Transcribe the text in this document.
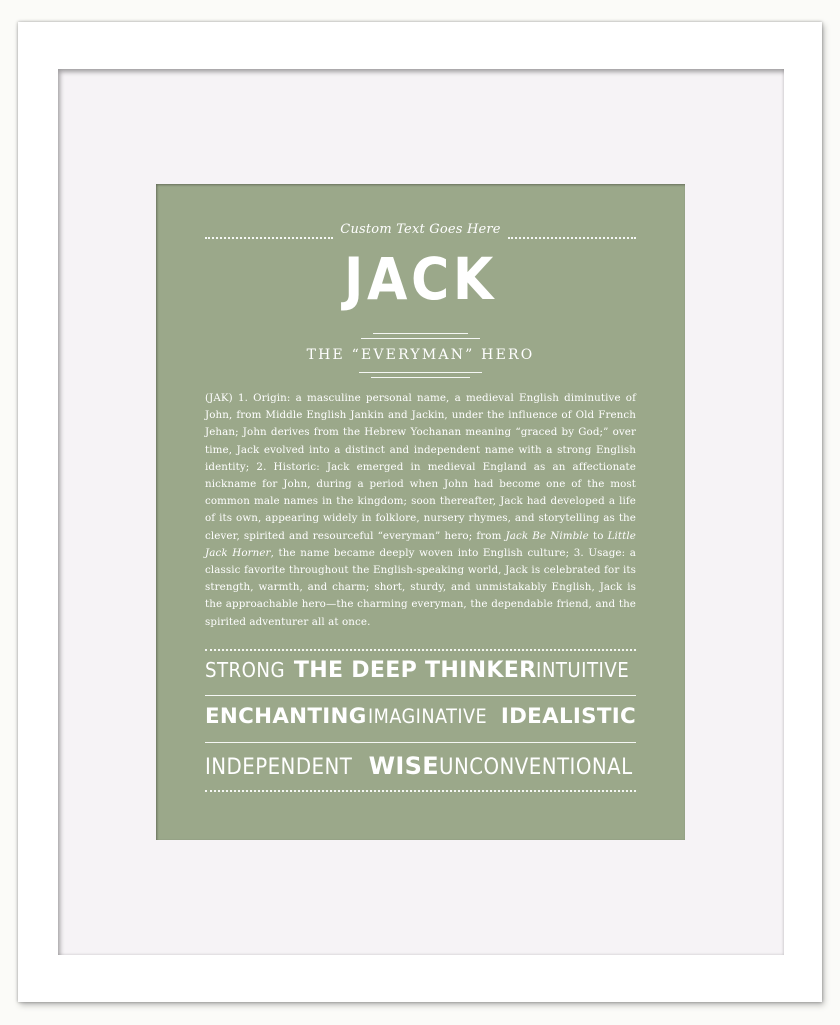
Custom Text Goes Here
JACK
THE “EVERYMAN” HERO
(JAK) 1. Origin: a masculine personal name, a medieval English diminutive of John, from Middle English Jankin and Jackin, under the influence of Old French Jehan; John derives from the Hebrew Yochanan meaning “graced by God;” over time, Jack evolved into a distinct and independent name with a strong English identity; 2. Historic: Jack emerged in medieval England as an affectionate nickname for John, during a period when John had become one of the most common male names in the kingdom; soon thereafter, Jack had developed a life of its own, appearing widely in folklore, nursery rhymes, and storytelling as the clever, spirited and resourceful “everyman” hero; from Jack Be Nimble to Little Jack Horner, the name became deeply woven into English culture; 3. Usage: a classic favorite throughout the English-speaking world, Jack is celebrated for its strength, warmth, and charm; short, sturdy, and unmistakably English, Jack is the approachable hero—the charming everyman, the dependable friend, and the spirited adventurer all at once.
STRONG THE DEEP THINKER INTUITIVE
ENCHANTING IMAGINATIVE IDEALISTIC
INDEPENDENT WISE UNCONVENTIONAL
